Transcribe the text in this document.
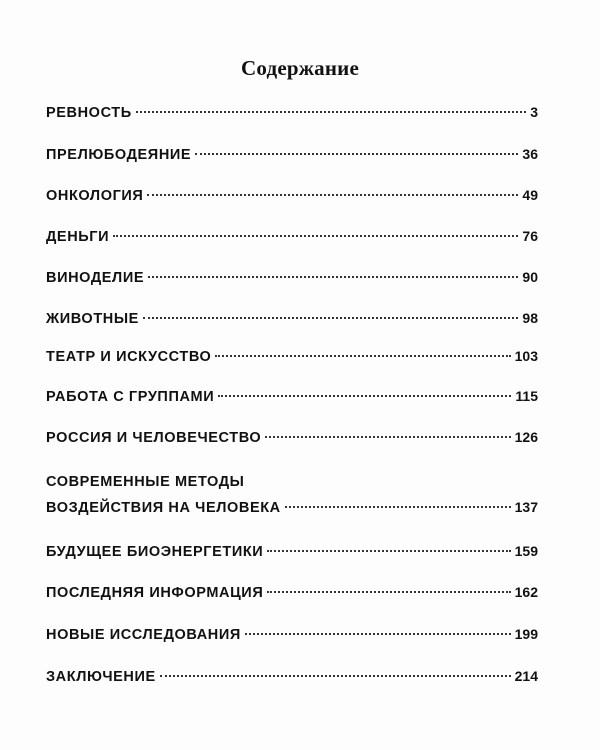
Содержание
РЕВНОСТЬ	3
ПРЕЛЮБОДЕЯНИЕ	36
ОНКОЛОГИЯ	49
ДЕНЬГИ	76
ВИНОДЕЛИЕ	90
ЖИВОТНЫЕ	98
ТЕАТР И ИСКУССТВО	103
РАБОТА С ГРУППАМИ	115
РОССИЯ И ЧЕЛОВЕЧЕСТВО	126
СОВРЕМЕННЫЕ МЕТОДЫ
ВОЗДЕЙСТВИЯ НА ЧЕЛОВЕКА	137
БУДУЩЕЕ БИОЭНЕРГЕТИКИ	159
ПОСЛЕДНЯЯ ИНФОРМАЦИЯ	162
НОВЫЕ ИССЛЕДОВАНИЯ	199
ЗАКЛЮЧЕНИЕ	214
